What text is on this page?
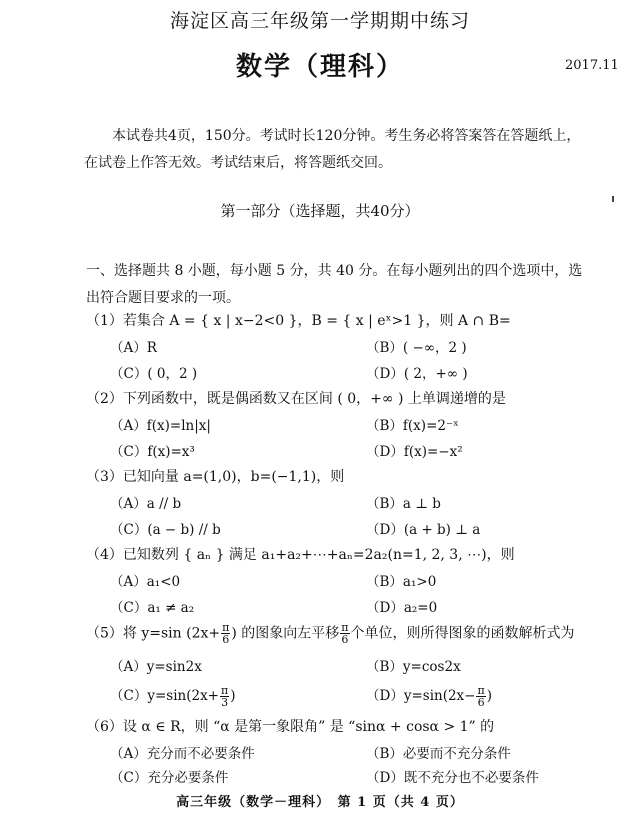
海淀区高三年级第一学期期中练习
数学（理科）	2017.11
本试卷共4页，150分。考试时长120分钟。考生务必将答案答在答题纸上，在试卷上作答无效。考试结束后，将答题纸交回。
第一部分（选择题，共40分）
一、选择题共 8 小题，每小题 5 分，共 40 分。在每小题列出的四个选项中，选出符合题目要求的一项。
（1）若集合 A = { x | x−2<0 }，B = { x | eˣ>1 }，则 A ∩ B=
（A）R	（B）( −∞，2 )
（C）( 0，2 )	（D）( 2，+∞ )
（2）下列函数中，既是偶函数又在区间 ( 0，+∞ ) 上单调递增的是
（A）f(x)=ln|x|	（B）f(x)=2⁻ˣ
（C）f(x)=x³	（D）f(x)=−x²
（3）已知向量 a=(1,0)，b=(−1,1)，则
（A）a // b	（B）a ⊥ b
（C）(a − b) // b	（D）(a + b) ⊥ a
（4）已知数列 { aₙ } 满足 a₁+a₂+⋯+aₙ=2a₂(n=1, 2, 3, ⋯)，则
（A）a₁<0	（B）a₁>0
（C）a₁ ≠ a₂	（D）a₂=0
（5）将 y=sin ($2x+ \frac{\pi}{6}$ ) 的图象向左平移 $\frac{\pi}{6}$ 个单位，则所得图象的函数解析式为
（A）y=sin2x	（B）y=cos2x
$(C)y=\sin(2x+ \frac{\pi}{3}$ )	$(D)y=\sin(2x- \frac{\pi}{6}$ )
（6）设 α ∈ R，则 “α 是第一象限角” 是 “sinα + cosα > 1” 的
（A）充分而不必要条件	（B）必要而不充分条件
（C）充分必要条件	（D）既不充分也不必要条件
高三年级（数学－理科）　第 1 页（共 4 页）
